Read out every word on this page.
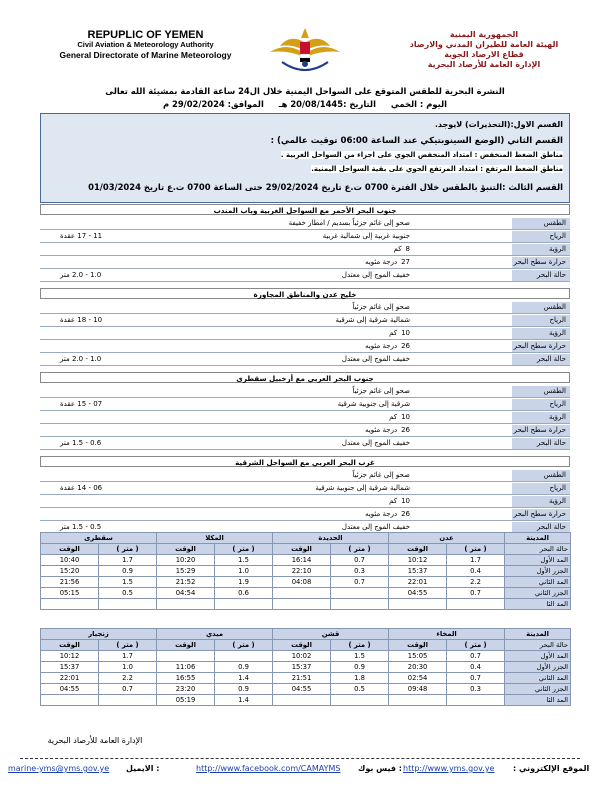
REPUPLIC OF YEMEN
Civil Aviation & Meteorology Authority
General Directorate of Marine Meteorology
الجمهورية اليمنية
الهيئة العامة للطيران المدني والارصاد
قطاع الارصاد الجوية
الإدارة العامة للأرصاد البحرية
النشرة البحرية للطقس المتوقع على السواحل اليمنية خلال ال24 ساعة القادمة بمشيئة الله تعالى
اليوم : الخمي التاريخ :20/08/1445 هـ الموافق: 29/02/2024 م
القسم الاول:(التحذيرات) لايوجد.
القسم الثاني (الوضع السينوبتيكي عند الساعة 06:00 توقيت عالمي) :
مناطق الضغط المنخفض : امتداد المنخفض الجوي على اجزاء من السواحل الغربية .
مناطق الضغط المرتفع : امتداد المرتفع الجوي على بقية السواحل اليمنية.
القسم الثالث :التنبؤ بالطقس خلال الفترة 0700 ت.ع تاريخ 29/02/2024 حتى الساعة 0700 ت.ع تاريخ 01/03/2024
جنوب البحر الأحمر مع السواحل الغربية وباب المندب
الطقس
صحو إلى غائم جزئياً بسديم / امطار خفيفة
الرياح
11 - 17 عقدة	جنوبية غربية إلى شمالية غربية
الرؤية
8كم
حرارة سطح البحر
27درجة مئويه
حالة البحر
1.0 - 2.0 متر	خفيف الموج إلى معتدل
خليج عدن والمناطق المجاورة
الطقس
صحو إلى غائم جزئياً
الرياح
10 - 18 عقدة	شمالية شرقية إلى شرقية
الرؤية
10كم
حرارة سطح البحر
26درجة مئويه
حالة البحر
1.0 - 2.0 متر	خفيف الموج إلى معتدل
جنوب البحر العربي مع أرخبيل سقطرى
الطقس
صحو إلى غائم جزئياً
الرياح
07 - 15 عقدة	شرقية إلى جنوبية شرقية
الرؤية
10كم
حرارة سطح البحر
26درجة مئويه
حالة البحر
0.6 - 1.5 متر	خفيف الموج إلى معتدل
غرب البحر العربي مع السواحل الشرقية
الطقس
صحو إلى غائم جزئياً
الرياح
06 - 14 عقدة	شمالية شرقية إلى جنوبية شرقية
الرؤية
10كم
حرارة سطح البحر
26درجة مئويه
حالة البحر
0.5 - 1.5 متر	خفيف الموج إلى معتدل
سقطرى		المكلا		الحديدة		عدن		المدينة
الوقت	( متر )	الوقت	( متر )	الوقت	( متر )	الوقت	( متر )	حالة البحر
10:40	1.7	10:20	1.5	16:14	0.7	10:12	1.7	المد الأول
15:20	0.9	15:29	1.0	22:10	0.3	15:37	0.4	الجزر الأول
21:56	1.5	21:52	1.9	04:08	0.7	22:01	2.2	المد الثاني
05:15	0.5	04:54	0.6			04:55	0.7	الجزر الثاني
								المد الثا
زنجبار		ميدي		قشن		المخاء		المدينة
الوقت	( متر )	الوقت	( متر )	الوقت	( متر )	الوقت	( متر )	حالة البحر
10:12	1.7			10:02	1.5	15:05	0.7	المد الأول
15:37	1.0	11:06	0.9	15:37	0.9	20:30	0.4	الجزر الأول
22:01	2.2	16:55	1.4	21:51	1.8	02:54	0.7	المد الثاني
04:55	0.7	23:20	0.9	04:55	0.5	09:48	0.3	الجزر الثاني
		05:19	1.4					المد الثا
الإدارة العامة للأرصاد البحرية
marine-yms@yms.gov.ye : الايميل	http://www.facebook.com/CAMAYMS : فيس بوك http://www.yms.gov.ye الموقع الإلكتروني :
